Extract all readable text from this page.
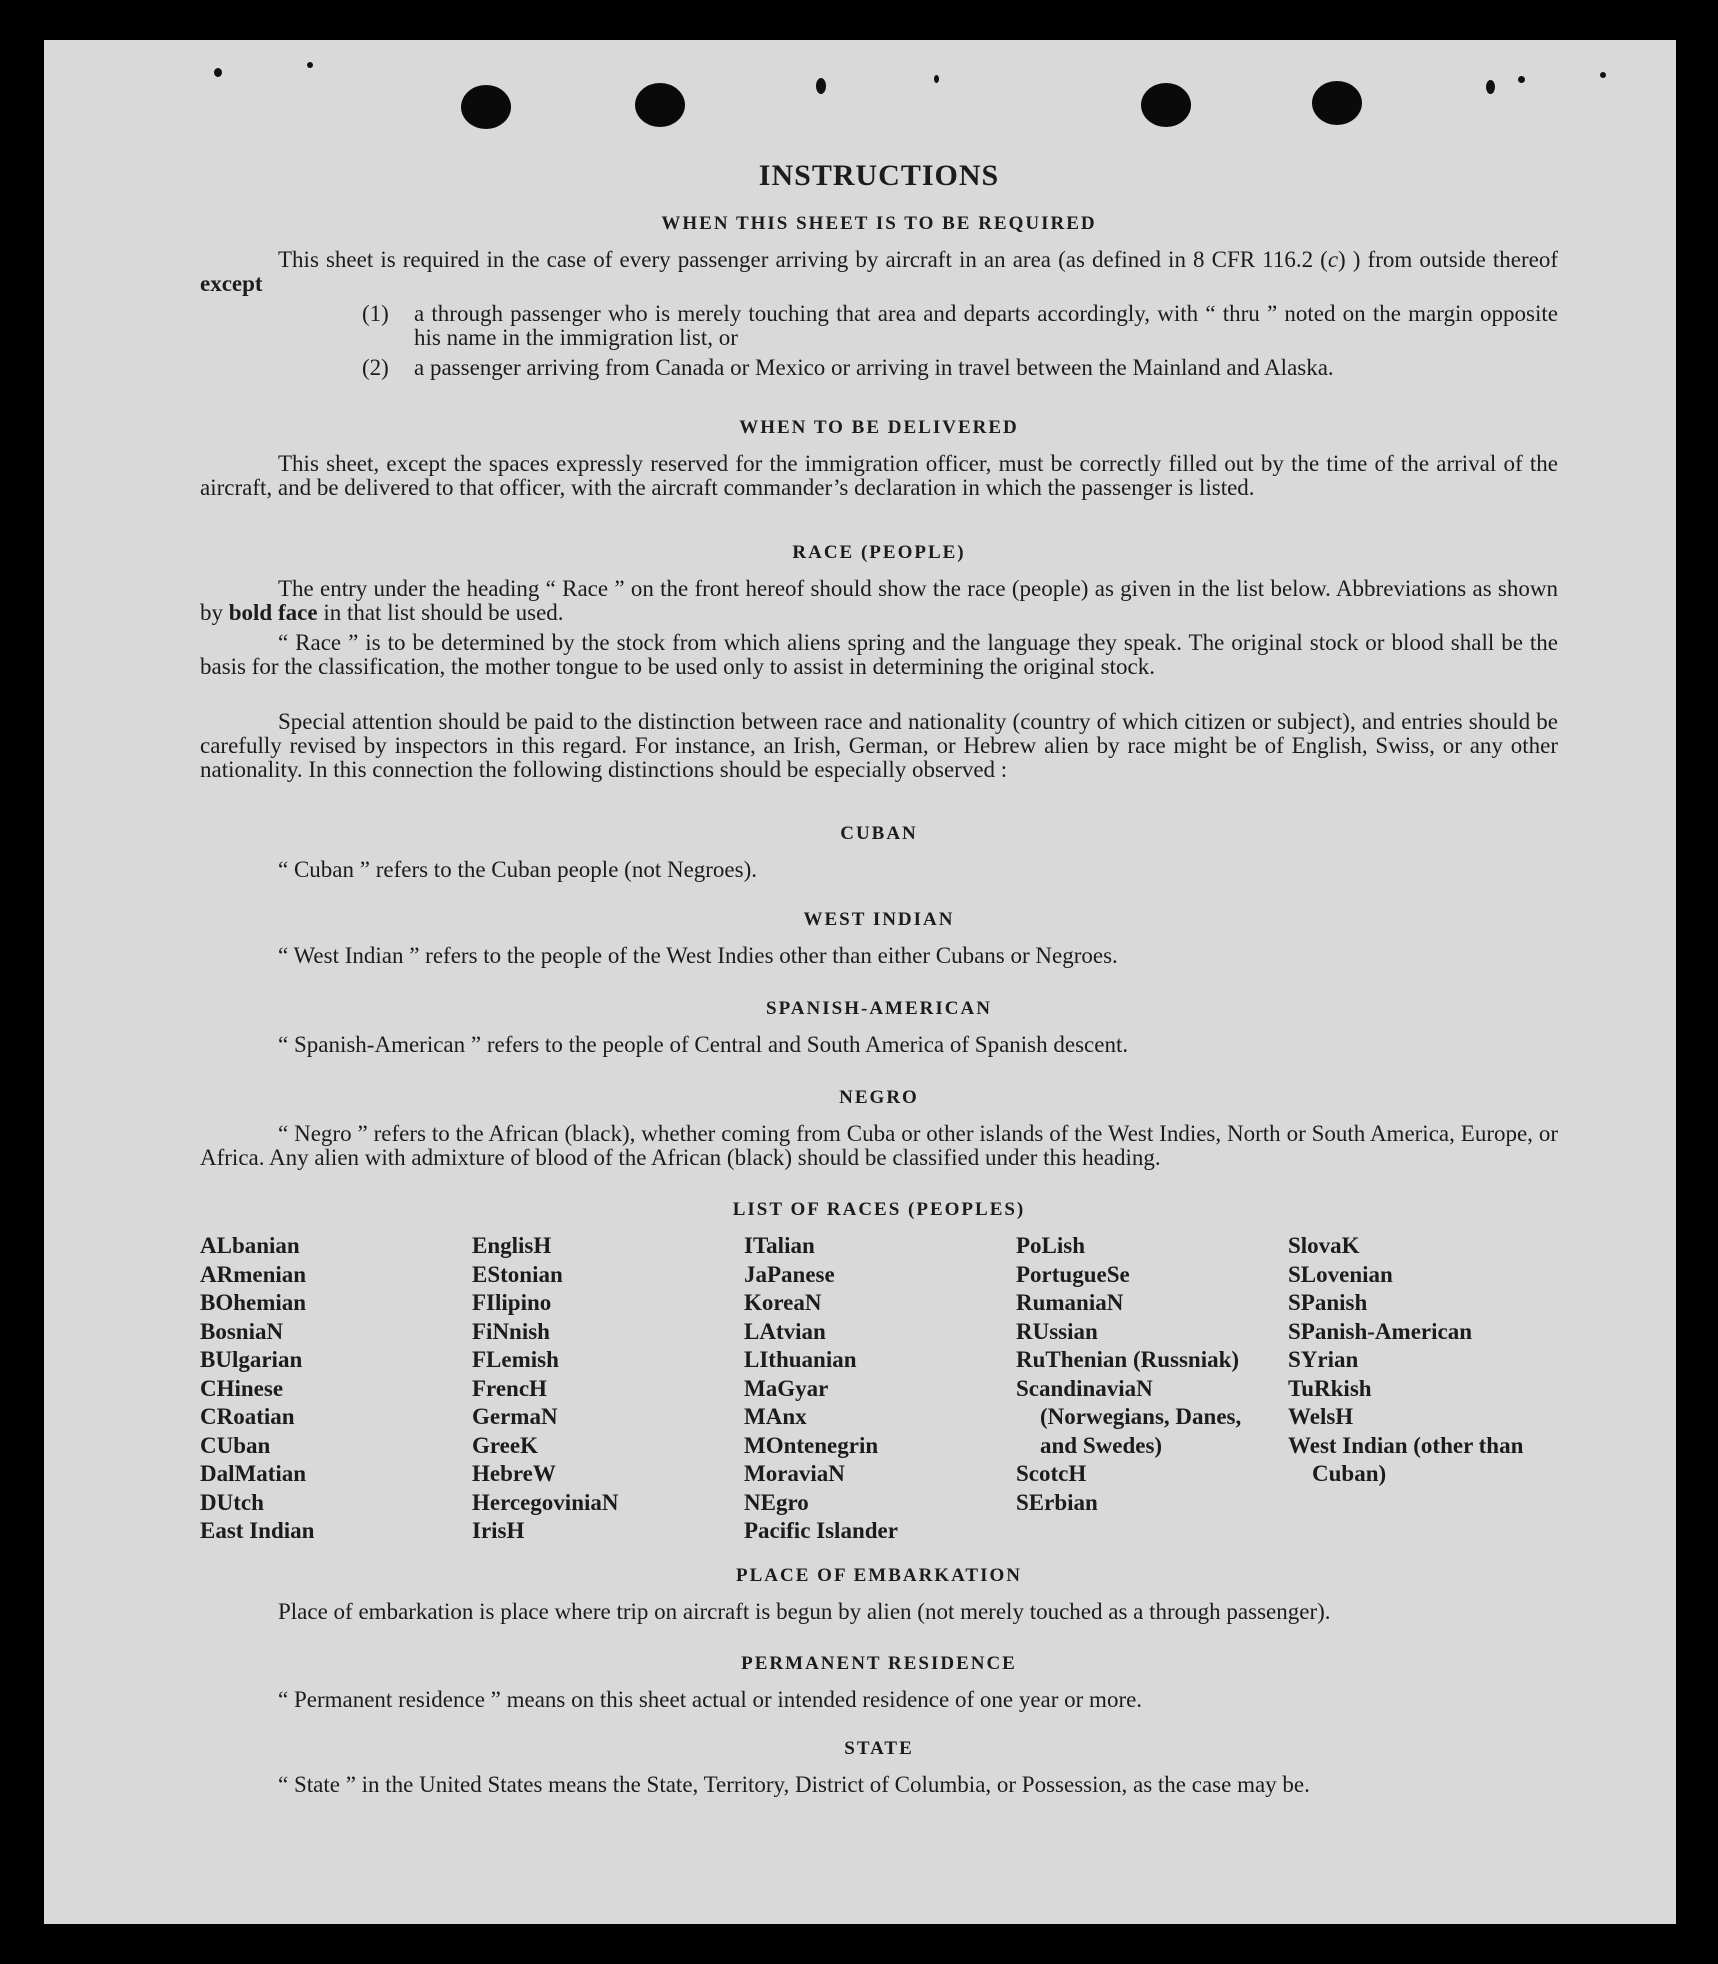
INSTRUCTIONS
WHEN THIS SHEET IS TO BE REQUIRED
This sheet is required in the case of every passenger arriving by aircraft in an area (as defined in 8 CFR 116.2 (c) ) from outside thereof except
(1) a through passenger who is merely touching that area and departs accordingly, with “ thru ” noted on the margin opposite his name in the immigration list, or
(2) a passenger arriving from Canada or Mexico or arriving in travel between the Mainland and Alaska.
WHEN TO BE DELIVERED
This sheet, except the spaces expressly reserved for the immigration officer, must be correctly filled out by the time of the arrival of the aircraft, and be delivered to that officer, with the aircraft commander’s declaration in which the passenger is listed.
RACE (PEOPLE)
The entry under the heading “ Race ” on the front hereof should show the race (people) as given in the list below. Abbreviations as shown by bold face in that list should be used.
“ Race ” is to be determined by the stock from which aliens spring and the language they speak. The original stock or blood shall be the basis for the classification, the mother tongue to be used only to assist in determining the original stock.
Special attention should be paid to the distinction between race and nationality (country of which citizen or subject), and entries should be carefully revised by inspectors in this regard. For instance, an Irish, German, or Hebrew alien by race might be of English, Swiss, or any other nationality. In this connection the following distinctions should be especially observed :
CUBAN
“ Cuban ” refers to the Cuban people (not Negroes).
WEST INDIAN
“ West Indian ” refers to the people of the West Indies other than either Cubans or Negroes.
SPANISH-AMERICAN
“ Spanish-American ” refers to the people of Central and South America of Spanish descent.
NEGRO
“ Negro ” refers to the African (black), whether coming from Cuba or other islands of the West Indies, North or South America, Europe, or Africa. Any alien with admixture of blood of the African (black) should be classified under this heading.
LIST OF RACES (PEOPLES)
ALbanian
ARmenian
BOhemian
BosniaN
BUlgarian
CHinese
CRoatian
CUban
DalMatian
DUtch
East Indian
EnglisH
EStonian
FIlipino
FiNnish
FLemish
FrencH
GermaN
GreeK
HebreW
HercegoviniaN
IrisH
ITalian
JaPanese
KoreaN
LAtvian
LIthuanian
MaGyar
MAnx
MOntenegrin
MoraviaN
NEgro
Pacific Islander
PoLish
PortugueSe
RumaniaN
RUssian
RuThenian (Russniak)
ScandinaviaN (Norwegians, Danes, and Swedes)
ScotcH
SErbian
SlovaK
SLovenian
SPanish
SPanish-American
SYrian
TuRkish
WelsH
West Indian (other than Cuban)
PLACE OF EMBARKATION
Place of embarkation is place where trip on aircraft is begun by alien (not merely touched as a through passenger).
PERMANENT RESIDENCE
“ Permanent residence ” means on this sheet actual or intended residence of one year or more.
STATE
“ State ” in the United States means the State, Territory, District of Columbia, or Possession, as the case may be.
